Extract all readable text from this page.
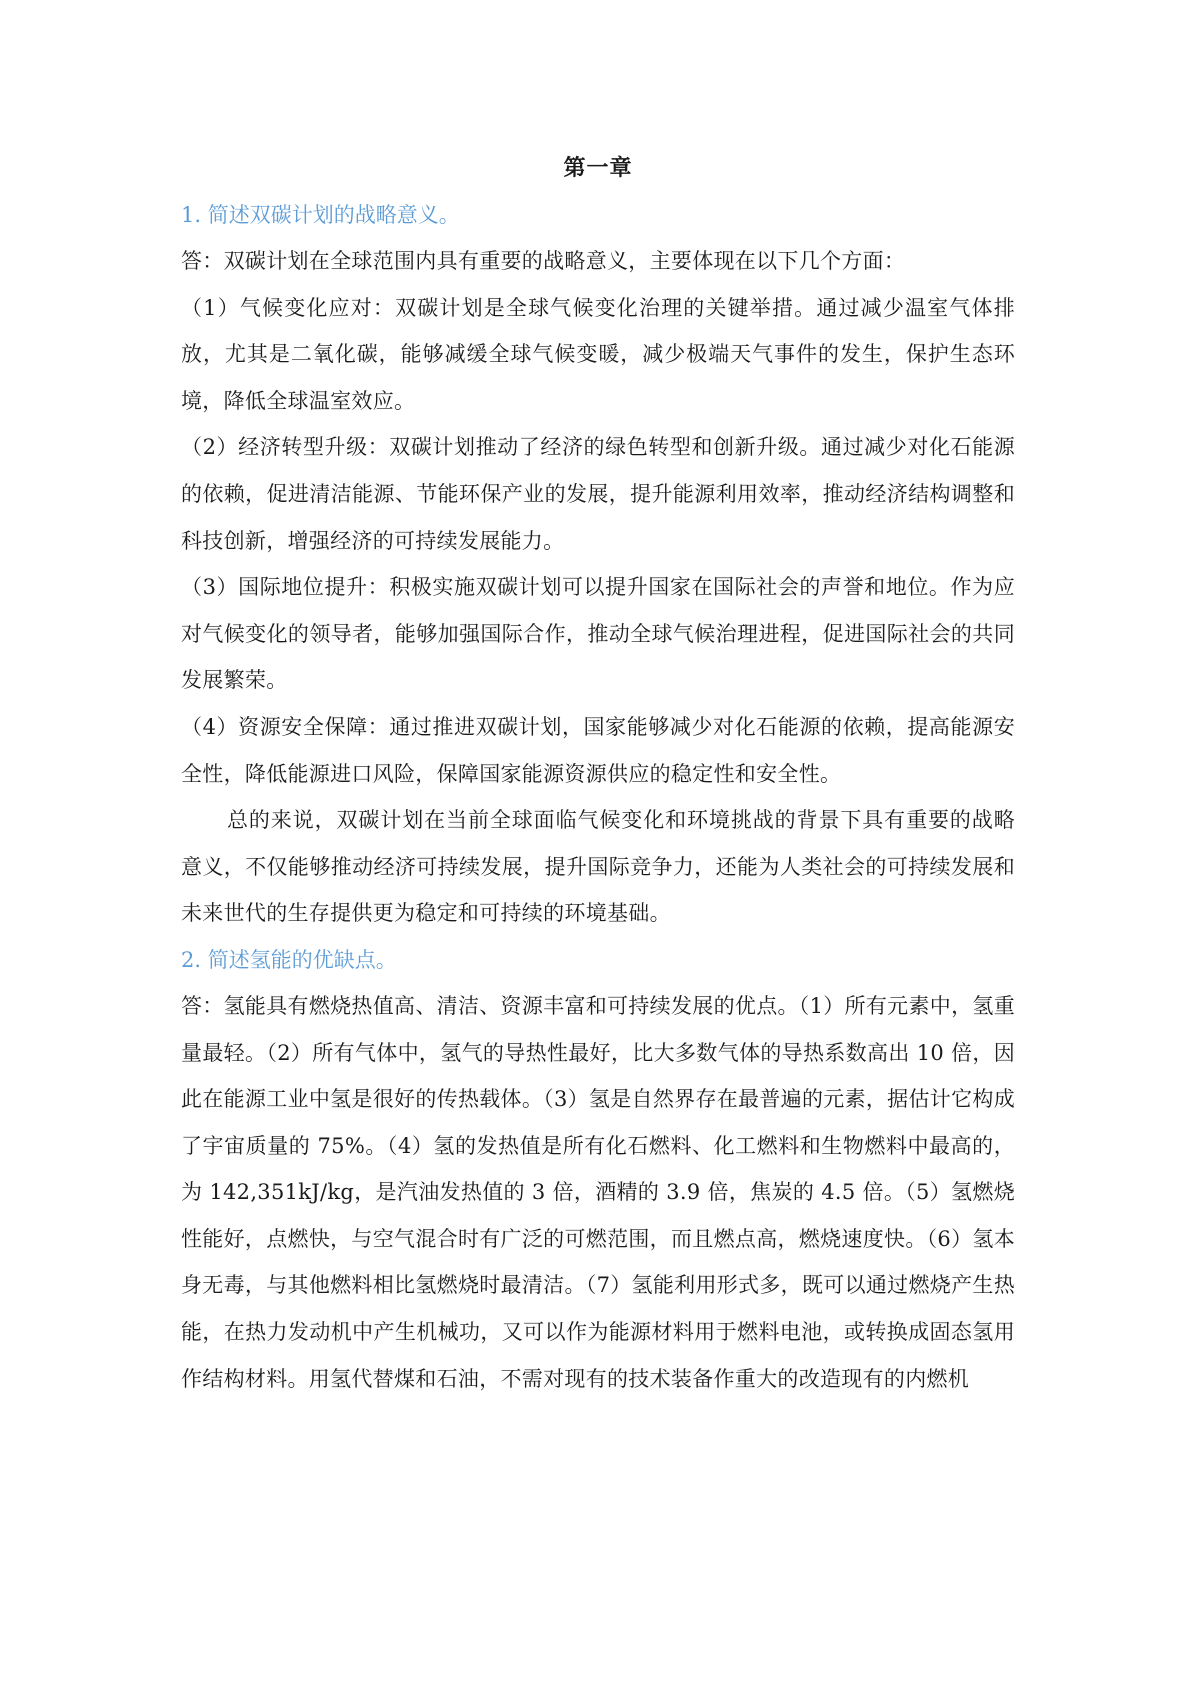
第一章

1. 简述双碳计划的战略意义。

答：双碳计划在全球范围内具有重要的战略意义，主要体现在以下几个方面：

（1）气候变化应对：双碳计划是全球气候变化治理的关键举措。通过减少温室气体排放，尤其是二氧化碳，能够减缓全球气候变暖，减少极端天气事件的发生，保护生态环境，降低全球温室效应。

（2）经济转型升级：双碳计划推动了经济的绿色转型和创新升级。通过减少对化石能源的依赖，促进清洁能源、节能环保产业的发展，提升能源利用效率，推动经济结构调整和科技创新，增强经济的可持续发展能力。

（3）国际地位提升：积极实施双碳计划可以提升国家在国际社会的声誉和地位。作为应对气候变化的领导者，能够加强国际合作，推动全球气候治理进程，促进国际社会的共同发展繁荣。

（4）资源安全保障：通过推进双碳计划，国家能够减少对化石能源的依赖，提高能源安全性，降低能源进口风险，保障国家能源资源供应的稳定性和安全性。

总的来说，双碳计划在当前全球面临气候变化和环境挑战的背景下具有重要的战略意义，不仅能够推动经济可持续发展，提升国际竞争力，还能为人类社会的可持续发展和未来世代的生存提供更为稳定和可持续的环境基础。

2. 简述氢能的优缺点。

答：氢能具有燃烧热值高、清洁、资源丰富和可持续发展的优点。（1）所有元素中，氢重量最轻。（2）所有气体中，氢气的导热性最好，比大多数气体的导热系数高出 10 倍，因此在能源工业中氢是很好的传热载体。（3）氢是自然界存在最普遍的元素，据估计它构成了宇宙质量的 75%。（4）氢的发热值是所有化石燃料、化工燃料和生物燃料中最高的，为 142,351kJ/kg，是汽油发热值的 3 倍，酒精的 3.9 倍，焦炭的 4.5 倍。（5）氢燃烧性能好，点燃快，与空气混合时有广泛的可燃范围，而且燃点高，燃烧速度快。（6）氢本身无毒，与其他燃料相比氢燃烧时最清洁。（7）氢能利用形式多，既可以通过燃烧产生热能，在热力发动机中产生机械功，又可以作为能源材料用于燃料电池，或转换成固态氢用作结构材料。用氢代替煤和石油，不需对现有的技术装备作重大的改造现有的内燃机
